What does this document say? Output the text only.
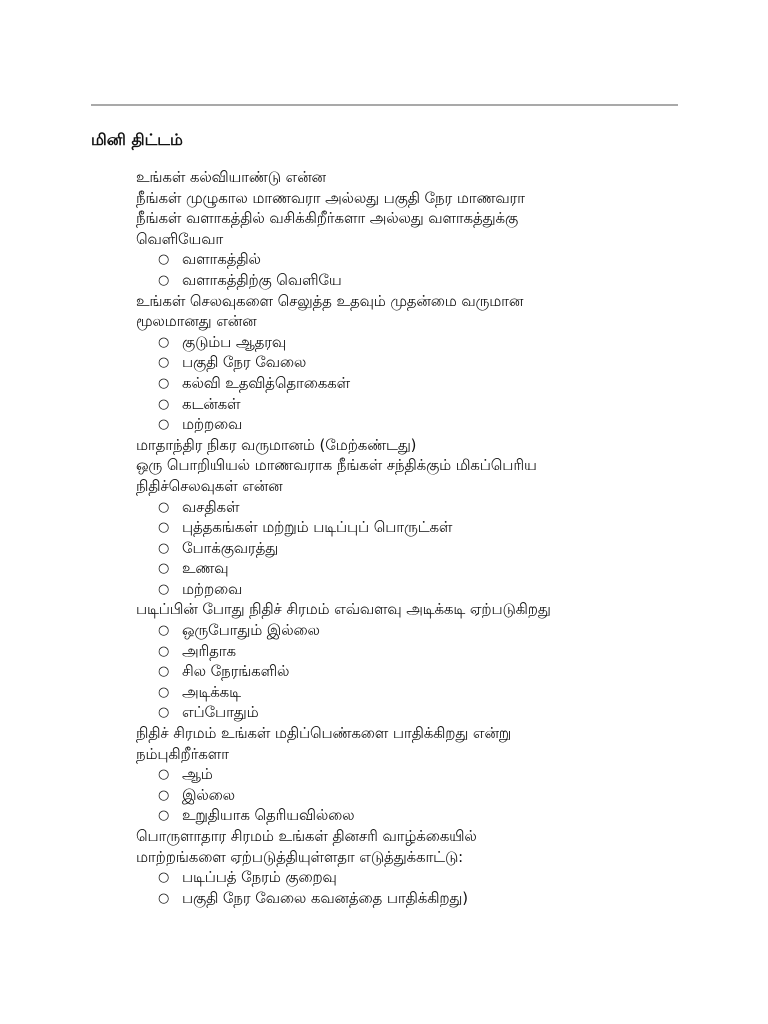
மினி திட்டம்

உங்கள் கல்வியாண்டு என்ன

நீங்கள் முழுகால மாணவரா அல்லது பகுதி நேர மாணவரா

நீங்கள் வளாகத்தில் வசிக்கிறீர்களா அல்லது வளாகத்துக்கு

வெளியேவா

○ வளாகத்தில்
○ வளாகத்திற்கு வெளியே

உங்கள் செலவுகளை செலுத்த உதவும் முதன்மை வருமான

மூலமானது என்ன

○ குடும்ப ஆதரவு
○ பகுதி நேர வேலை
○ கல்வி உதவித்தொகைகள்
○ கடன்கள்
○ மற்றவை

மாதாந்திர நிகர வருமானம் (மேற்கண்டது)

ஒரு பொறியியல் மாணவராக நீங்கள் சந்திக்கும் மிகப்பெரிய

நிதிச்செலவுகள் என்ன

○ வசதிகள்
○ புத்தகங்கள் மற்றும் படிப்புப் பொருட்கள்
○ போக்குவரத்து
○ உணவு
○ மற்றவை

படிப்பின் போது நிதிச் சிரமம் எவ்வளவு அடிக்கடி ஏற்படுகிறது

○ ஒருபோதும் இல்லை
○ அரிதாக
○ சில நேரங்களில்
○ அடிக்கடி
○ எப்போதும்

நிதிச் சிரமம் உங்கள் மதிப்பெண்களை பாதிக்கிறது என்று

நம்புகிறீர்களா

○ ஆம்
○ இல்லை
○ உறுதியாக தெரியவில்லை

பொருளாதார சிரமம் உங்கள் தினசரி வாழ்க்கையில்

மாற்றங்களை ஏற்படுத்தியுள்ளதா எடுத்துக்காட்டு:

○ படிப்பத் நேரம் குறைவு
○ பகுதி நேர வேலை கவனத்தை பாதிக்கிறது)
